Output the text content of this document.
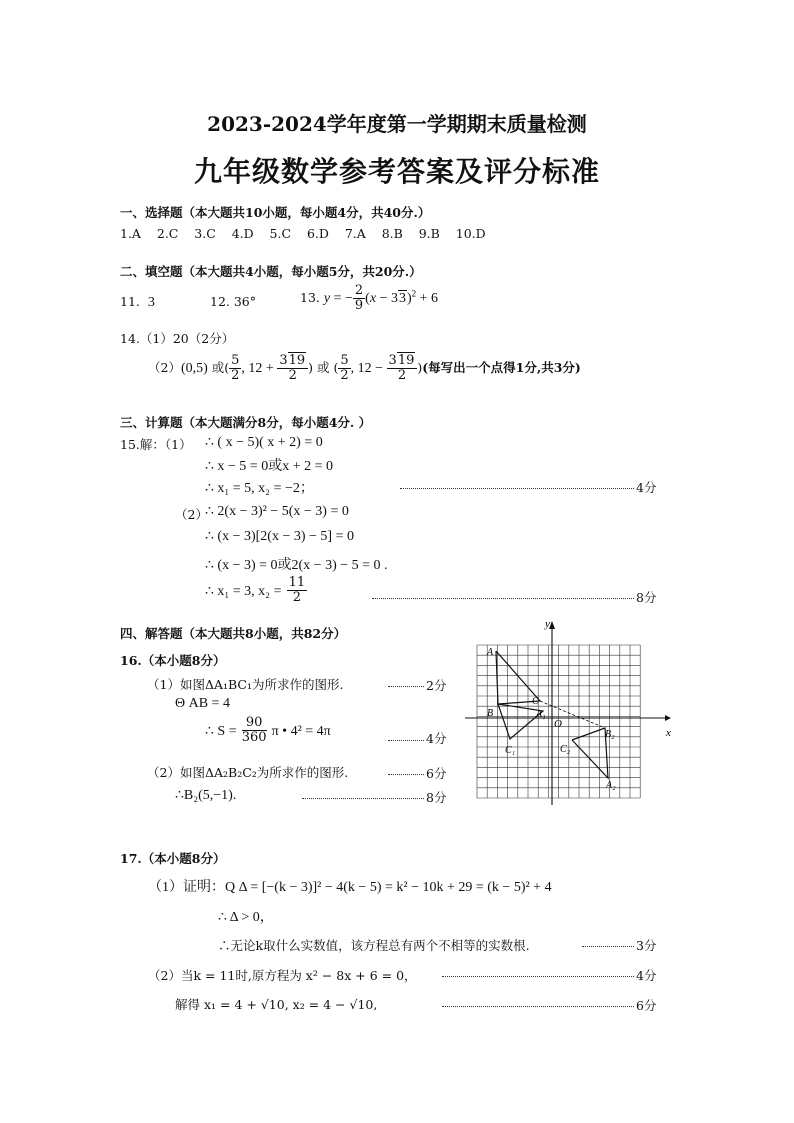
2023-2024学年度第一学期期末质量检测
九年级数学参考答案及评分标准
一、选择题（本大题共10小题，每小题4分，共40分.）
1.A 2.C 3.C 4.D 5.C 6.D 7.A 8.B 9.B 10.D
二、填空题（本大题共4小题，每小题5分，共20分.）
11. 3	12. 36°	13. y = − $\frac{2}{9} (x - 33)^2 + 6$
14.（1）20（2分）
（2）(0,5) 或( $\frac{5}{2}$ , $12 + \frac{319}{2}$ ) 或 ( $\frac{5}{2}$ , $12 - \frac{319}{2}$ )(每写出一个点得1分,共3分)
三、计算题（本大题满分8分，每小题4分. ）
15.解：（1） ∴ ( x − 5)( x + 2) = 0
∴ x − 5 = 0或x + 2 = 0
∴ x₁ = 5, x₂ = −2；	4分
（2）
∴ 2(x − 3)² − 5(x − 3) = 0
∴ (x − 3)[2(x − 3) − 5] = 0
∴ (x − 3) = 0或2(x − 3) − 5 = 0 .
∴ x₁ = 3, $x_2 = \frac{11}{2}$	8分
四、解答题（本大题共8小题，共82分）
16.（本小题8分）
（1）如图ΔA₁BC₁为所求作的图形.	2分
Θ AB = 4
∴ $S = \frac{90}{360}$ π • 4² = 4π	4分
（2）如图ΔA₂B₂C₂为所求作的图形.	6分
∴B₂(5,−1).	8分
x
y
O
A
B
C
A₁
C₁	C₂
B₂
A₂
17.（本小题8分）
（1）证明：Q Δ = [−(k − 3)]² − 4(k − 5) = k² − 10k + 29 = (k − 5)² + 4
∴ Δ > 0，
∴无论k取什么实数值，该方程总有两个不相等的实数根.	3分
（2）当k = 11时,原方程为 x² − 8x + 6 = 0，	4分
解得 x₁ = 4 + √10, x₂ = 4 − √10,	6分
